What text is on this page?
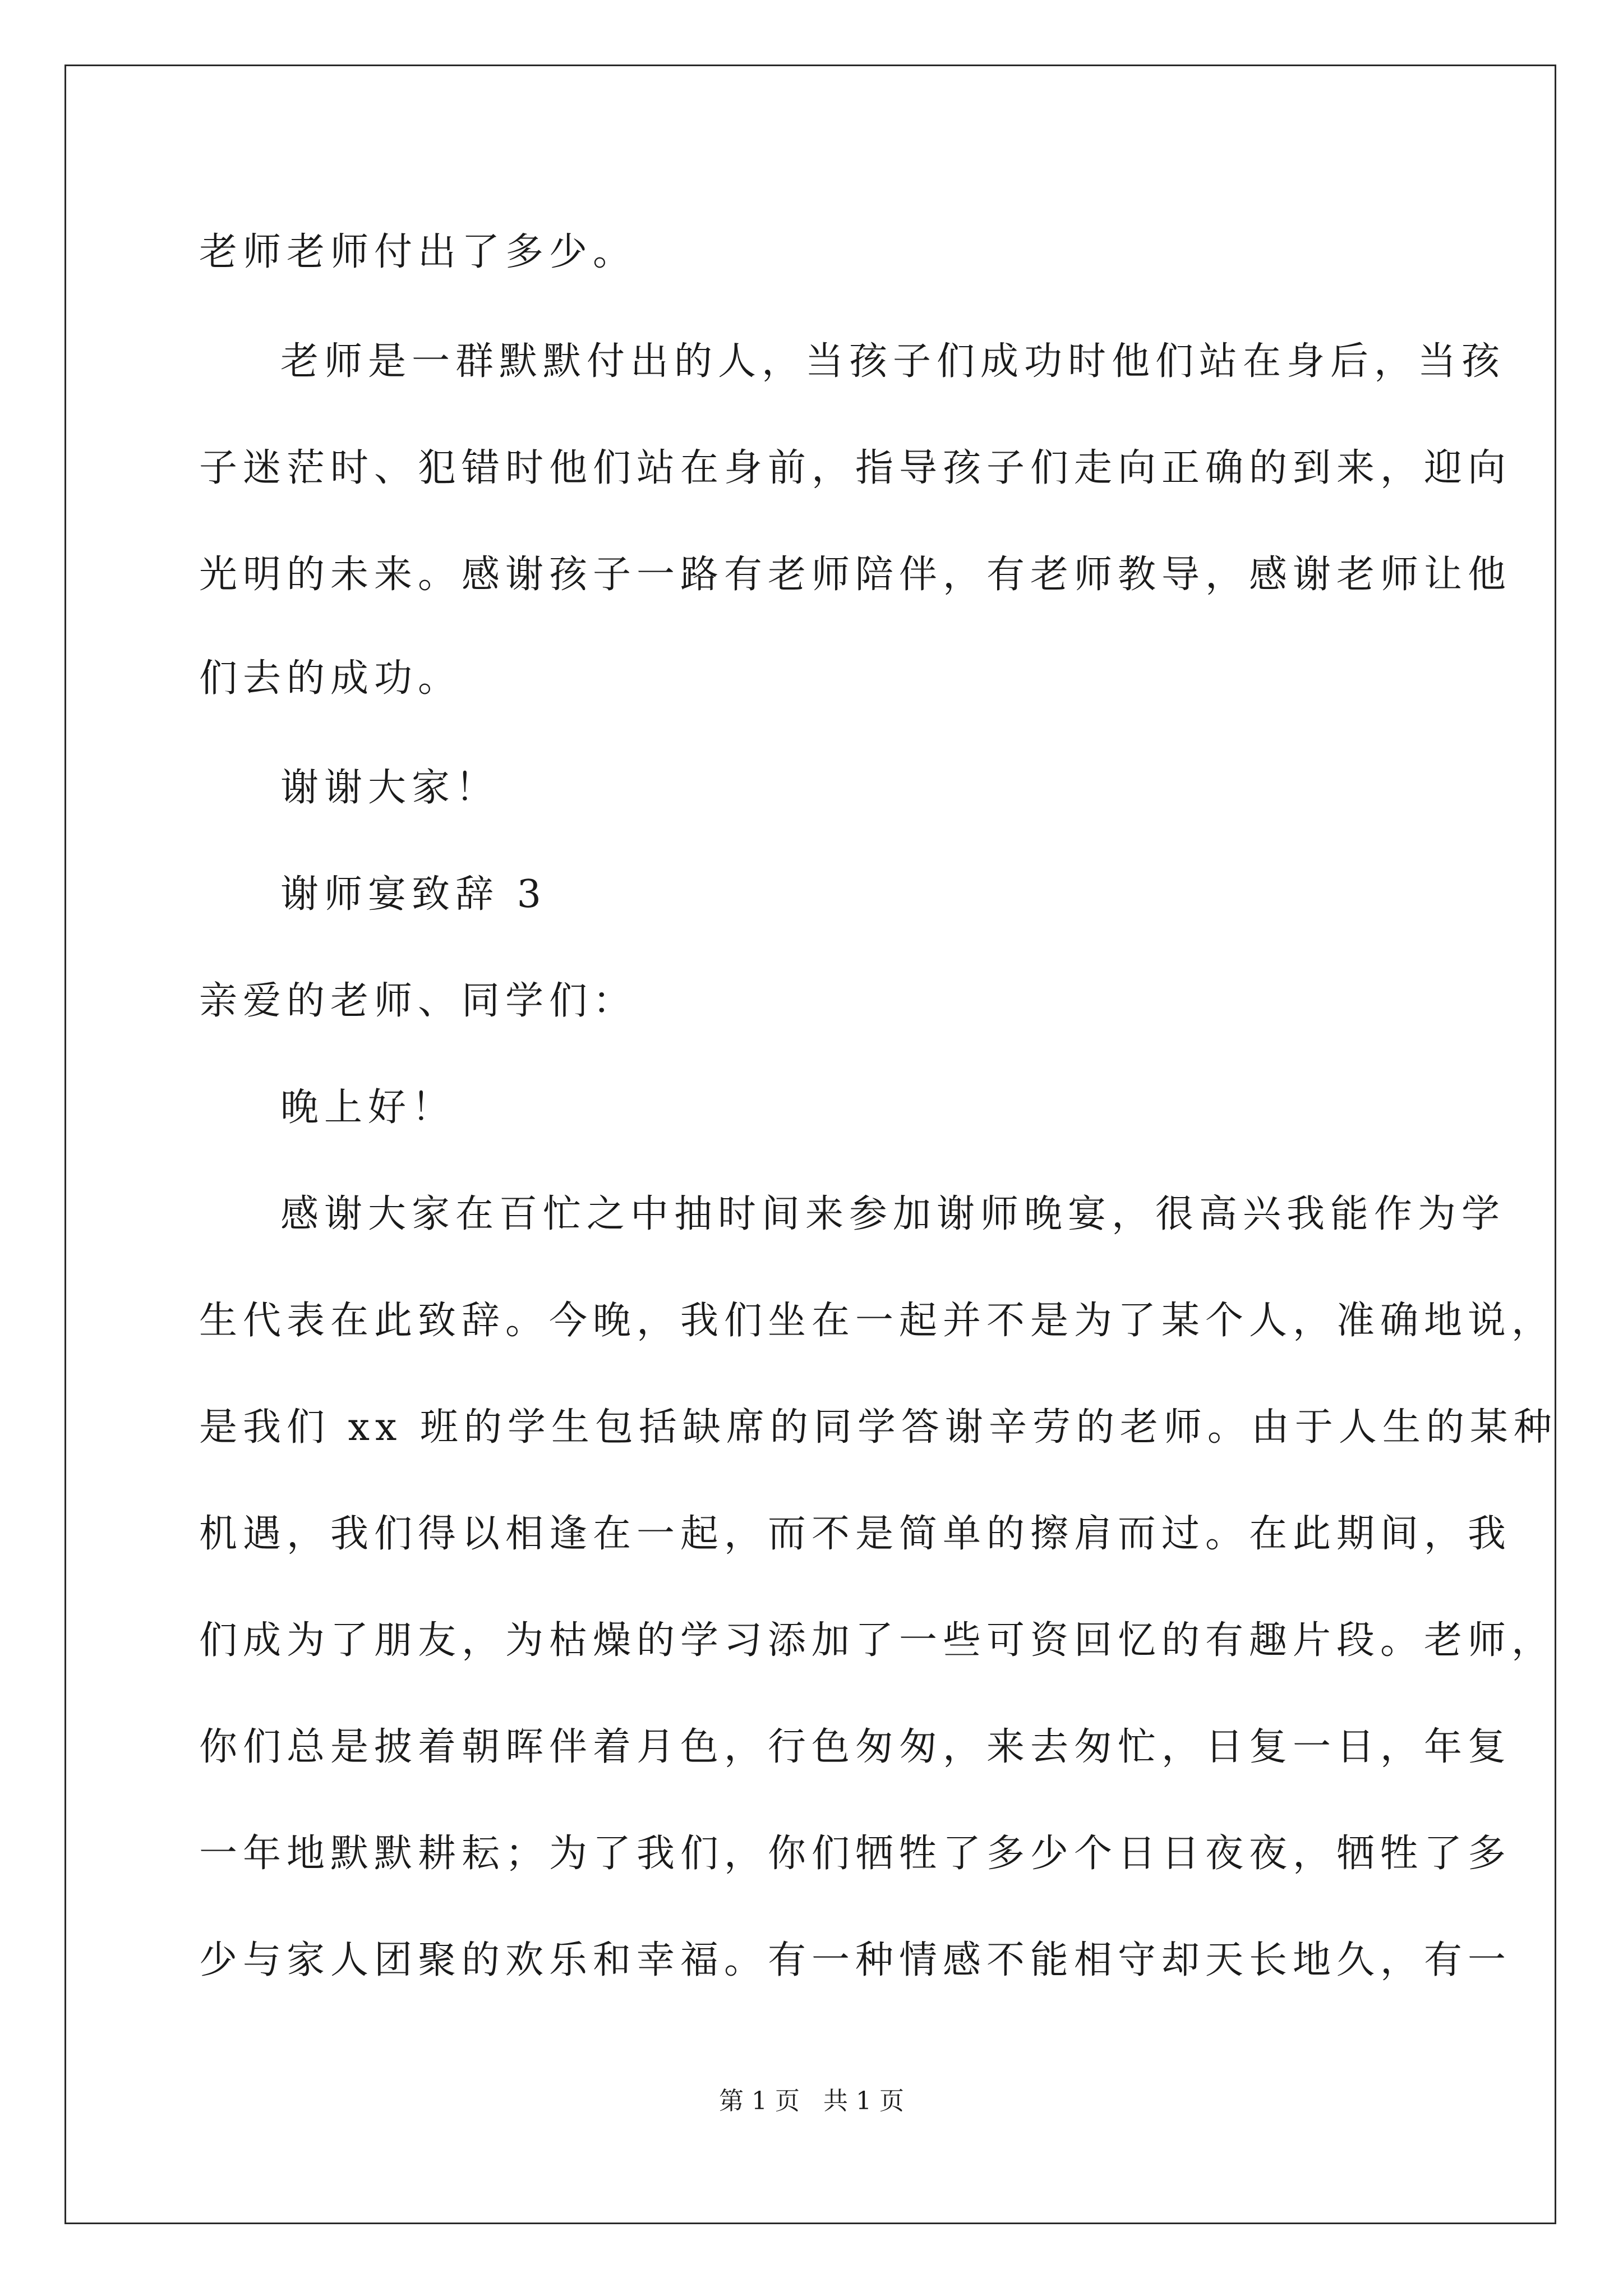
老师老师付出了多少。
老师是一群默默付出的人，当孩子们成功时他们站在身后，当孩
子迷茫时、犯错时他们站在身前，指导孩子们走向正确的到来，迎向
光明的未来。感谢孩子一路有老师陪伴，有老师教导，感谢老师让他
们去的成功。
谢谢大家！
谢师宴致辞 3
亲爱的老师、同学们：
晚上好！
感谢大家在百忙之中抽时间来参加谢师晚宴，很高兴我能作为学
生代表在此致辞。今晚，我们坐在一起并不是为了某个人，准确地说，
是我们 xx 班的学生包括缺席的同学答谢辛劳的老师。由于人生的某种
机遇，我们得以相逢在一起，而不是简单的擦肩而过。在此期间，我
们成为了朋友，为枯燥的学习添加了一些可资回忆的有趣片段。老师，
你们总是披着朝晖伴着月色，行色匆匆，来去匆忙，日复一日，年复
一年地默默耕耘；为了我们，你们牺牲了多少个日日夜夜，牺牲了多
少与家人团聚的欢乐和幸福。有一种情感不能相守却天长地久，有一
第 1 页   共 1 页
